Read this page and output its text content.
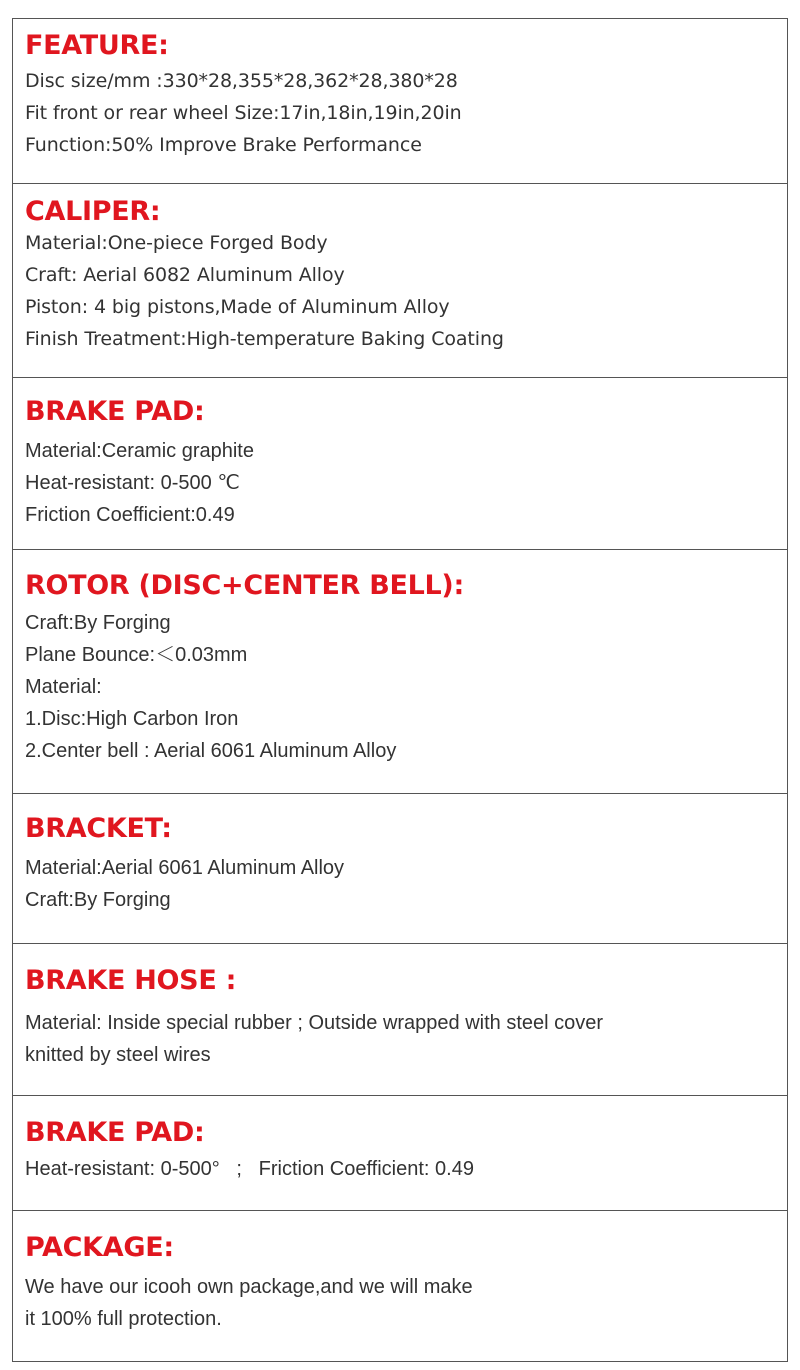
FEATURE:
Disc size/mm :330*28,355*28,362*28,380*28
Fit front or rear wheel Size:17in,18in,19in,20in
Function:50% Improve Brake Performance
CALIPER:
Material:One-piece Forged Body
Craft: Aerial 6082 Aluminum Alloy
Piston: 4 big pistons,Made of Aluminum Alloy
Finish Treatment:High-temperature Baking Coating
BRAKE PAD:
Material:Ceramic graphite
Heat-resistant: 0-500 ℃
Friction Coefficient:0.49
ROTOR (DISC+CENTER BELL):
Craft:By Forging
Plane Bounce:＜0.03mm
Material:
1.Disc:High Carbon Iron
2.Center bell : Aerial 6061 Aluminum Alloy
BRACKET:
Material:Aerial 6061 Aluminum Alloy
Craft:By Forging
BRAKE HOSE :
Material: Inside special rubber ; Outside wrapped with steel cover
knitted by steel wires
BRAKE PAD:
Heat-resistant: 0-500°   ;   Friction Coefficient: 0.49
PACKAGE:
We have our icooh own package,and we will make
it 100% full protection.
